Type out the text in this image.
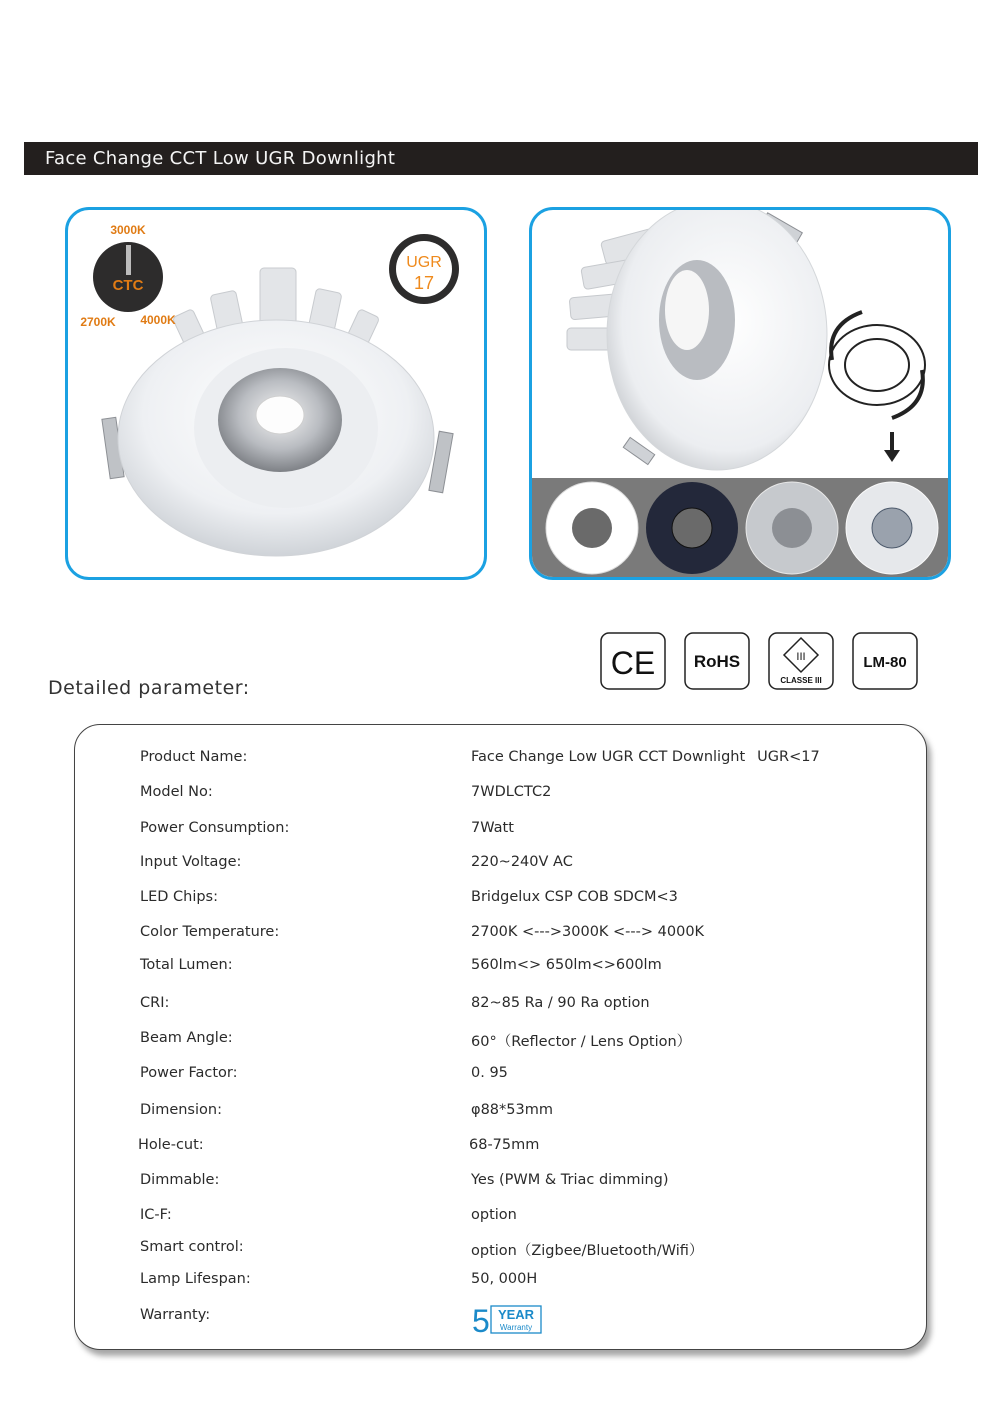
Face Change CCT Low UGR Downlight
CTC
3000K
2700K 4000K
UGR
17
CE RoHS	III
CLASSE III
LM-80
Detailed parameter:
Product Name:	Face Change Low UGR CCT Downlight UGR<17
Model No:	7WDLCTC2
Power Consumption:	7Watt
Input Voltage:	220~240V AC
LED Chips:	Bridgelux CSP COB SDCM<3
Color Temperature:	2700K <--->3000K <---> 4000K
Total Lumen:	560lm<> 650lm<>600lm
CRI:	82~85 Ra / 90 Ra option
Beam Angle:	60°（Reflector / Lens Option）
Power Factor:	0. 95
Dimension:	φ88*53mm
Hole-cut:	68-75mm
Dimmable:	Yes (PWM & Triac dimming)
IC-F:	option
Smart control:	option（Zigbee/Bluetooth/Wifi）
Lamp Lifespan:	50, 000H
Warranty:	5 YEAR
Warranty
